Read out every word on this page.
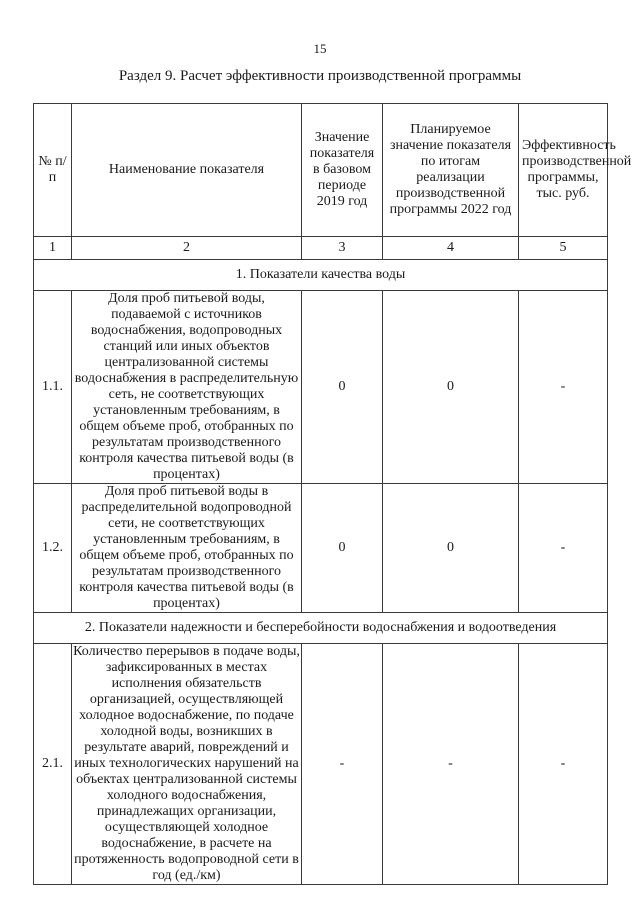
15
Раздел 9. Расчет эффективности производственной программы
№ п/п	Наименование показателя	Значение показателя в базовом периоде 2019 год	Планируемое значение показателя по итогам реализации производственной программы 2022 год	Эффективность производственной программы, тыс. руб.

1	2	3	4	5
1. Показатели качества воды				
1.1.	Доля проб питьевой воды, подаваемой с источников водоснабжения, водопроводных станций или иных объектов централизованной системы водоснабжения в распределительную сеть, не соответствующих установленным требованиям, в общем объеме проб, отобранных по результатам производственного контроля качества питьевой воды (в процентах)	0	0	-
1.2.	Доля проб питьевой воды в распределительной водопроводной сети, не соответствующих установленным требованиям, в общем объеме проб, отобранных по результатам производственного контроля качества питьевой воды (в процентах)	0	0	-
2. Показатели надежности и бесперебойности водоснабжения и водоотведения				
2.1.	Количество перерывов в подаче воды, зафиксированных в местах исполнения обязательств организацией, осуществляющей холодное водоснабжение, по подаче холодной воды, возникших в результате аварий, повреждений и иных технологических нарушений на объектах централизованной системы холодного водоснабжения, принадлежащих организации, осуществляющей холодное водоснабжение, в расчете на протяженность водопроводной сети в год (ед./км)	-	-	-
